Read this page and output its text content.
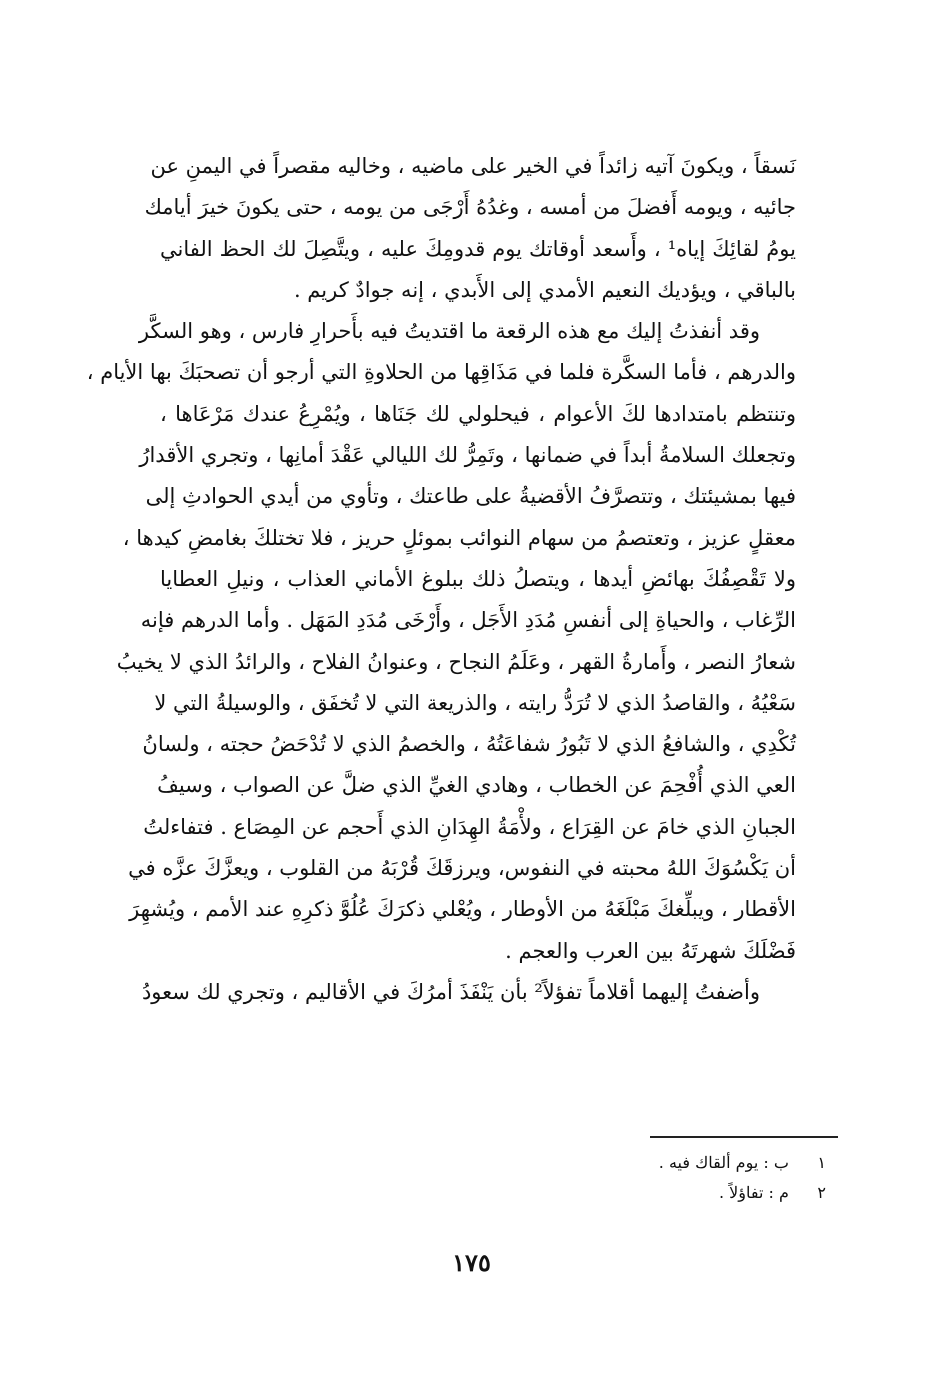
نَسقاً ، ويكونَ آتيه زائداً في الخير على ماضيه ، وخاليه مقصراً في اليمنِ عن
جائيه ، ويومه أَفضلَ من أمسه ، وغدُهُ أَرْجَى من يومه ، حتى يكونَ خيرَ أيامك
يومُ لقائِكَ إياه¹ ، وأَسعد أوقاتك يوم قدومِكَ عليه ، ويتَّصِلَ لك الحظ الفاني
بالباقي ، ويؤديك النعيم الأمدي إلى الأَبدي ، إنه جوادٌ كريم .
وقد أنفذتُ إليك مع هذه الرقعة ما اقتديتُ فيه بأَحرارِ فارس ، وهو السكَّر
والدرهم ، فأما السكَّرة فلما في مَذَاقِها من الحلاوةِ التي أرجو أن تصحبَكَ بها الأيام ،
وتنتظم بامتدادها لكَ الأعوام ، فيحلولي لك جَنَاها ، ويُمْرِعُ عندك مَرْعَاها ،
وتجعلك السلامةُ أبداً في ضمانها ، وتَمِرُّ لك الليالي عَقْدَ أمانِها ، وتجري الأقدارُ
فيها بمشيئتك ، وتتصرَّفُ الأقضيةُ على طاعتك ، وتأوي من أيدي الحوادثِ إلى
معقلٍ عزيز ، وتعتصمُ من سهام النوائب بموئلٍ حريز ، فلا تختلكَ بغامضِ كيدها ،
ولا تَقْصِفُكَ بهائضِ أيدها ، ويتصلُ ذلك ببلوغ الأماني العذاب ، ونيلِ العطايا
الرِّغاب ، والحياةِ إلى أنفسِ مُدَدِ الأَجَل ، وأَرْخَى مُدَدِ المَهَل . وأما الدرهم فإنه
شعارُ النصر ، وأَمارةُ القهر ، وعَلَمُ النجاح ، وعنوانُ الفلاح ، والرائدُ الذي لا يخيبُ
سَعْيُهُ ، والقاصدُ الذي لا تُرَدُّ رايته ، والذريعة التي لا تُخفَق ، والوسيلةُ التي لا
تُكْدِي ، والشافعُ الذي لا تَبُورُ شفاعَتُهُ ، والخصمُ الذي لا تُدْحَضُ حجته ، ولسانُ
العي الذي أُفْحِمَ عن الخطاب ، وهادي الغيِّ الذي ضلَّ عن الصواب ، وسيفُ
الجبانِ الذي خامَ عن القِرَاع ، ولأْمَةُ الهِدَانِ الذي أَحجم عن المِصَاع . فتفاءلتُ
أن يَكْسُوَكَ اللهُ محبته في النفوس، ويرزقَكَ قُرْبَهُ من القلوب ، ويعزَّكَ عزَّه في
الأقطار ، ويبلِّغكَ مَبْلَغَهُ من الأوطار ، ويُعْلي ذكرَكَ عُلُوَّ ذكرِهِ عند الأمم ، ويُشهِرَ
فَضْلَكَ شهرتَهُ بين العرب والعجم .
وأضفتُ إليهما أقلاماً تفؤلاً² بأن يَنْفَذَ أمرُكَ في الأقاليم ، وتجري لك سعودُ
١ ب : يوم ألقاك فيه .
٢ م : تفاؤلاً .
١٧٥
